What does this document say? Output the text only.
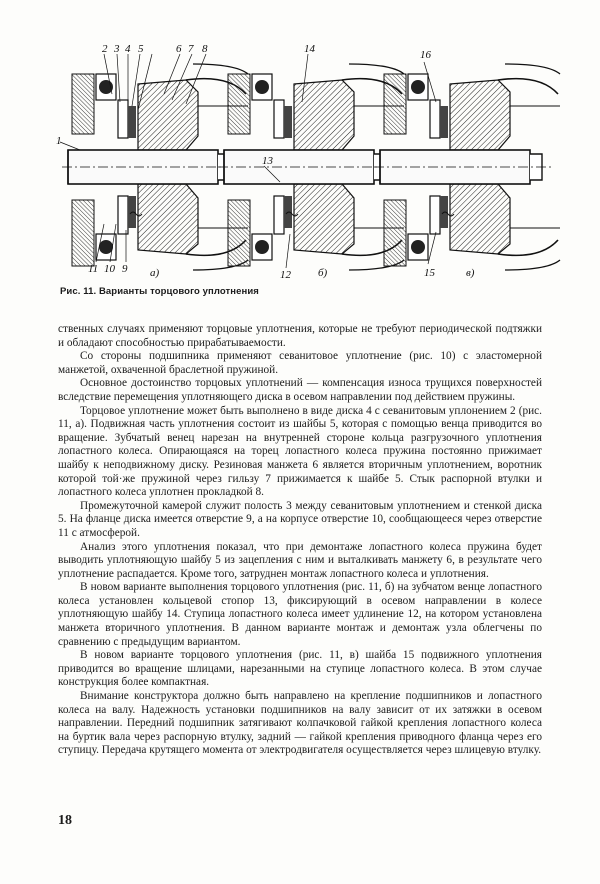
2 3 4 5	6 7 8
1
11 10 9 а)
14
13
12 б)
16
15	в)
Рис. 11. Варианты торцового уплотнения

ственных случаях применяют торцовые уплотнения, которые не требуют периодической подтяжки и обладают способностью прирабатываемости.

Со стороны подшипника применяют севанитовое уплотнение (рис. 10) с эластомерной манжетой, охваченной браслетной пружиной.

Основное достоинство торцовых уплотнений — компенсация износа трущихся поверхностей вследствие перемещения уплотняющего диска в осевом направлении под действием пружины.

Торцовое уплотнение может быть выполнено в виде диска 4 с севанитовым уплонением 2 (рис. 11, а). Подвижная часть уплотнения состоит из шайбы 5, которая с помощью венца приводится во вращение. Зубчатый венец нарезан на внутренней стороне кольца разгрузочного уплотнения лопастного колеса. Опирающаяся на торец лопастного колеса пружина постоянно прижимает шайбу к неподвижному диску. Резиновая манжета 6 является вторичным уплотнением, воротник которой той·же пружиной через гильзу 7 прижимается к шайбе 5. Стык распорной втулки и лопастного колеса уплотнен прокладкой 8.

Промежуточной камерой служит полость 3 между севанитовым уплотнением и стенкой диска 5. На фланце диска имеется отверстие 9, а на корпусе отверстие 10, сообщающееся через отверстие 11 с атмосферой.

Анализ этого уплотнения показал, что при демонтаже лопастного колеса пружина будет выводить уплотняющую шайбу 5 из зацепления с ним и выталкивать манжету 6, в результате чего уплотнение распадается. Кроме того, затруднен монтаж лопастного колеса и уплотнения.

В новом варианте выполнения торцового уплотнения (рис. 11, б) на зубчатом венце лопастного колеса установлен кольцевой стопор 13, фиксирующий в осевом направлении в колесе уплотняющую шайбу 14. Ступица лопастного колеса имеет удлинение 12, на котором установлена манжета вторичного уплотнения. В данном варианте монтаж и демонтаж узла облегчены по сравнению с предыдущим вариантом.

В новом варианте торцового уплотнения (рис. 11, в) шайба 15 подвижного уплотнения приводится во вращение шлицами, нарезанными на ступице лопастного колеса. В этом случае конструкция более компактная.

Внимание конструктора должно быть направлено на крепление подшипников и лопастного колеса на валу. Надежность установки подшипников на валу зависит от их затяжки в осевом направлении. Передний подшипник затягивают колпачковой гайкой крепления лопастного колеса на буртик вала через распорную втулку, задний — гайкой крепления приводного фланца через его ступицу. Передача крутящего момента от электродвигателя осуществляется через шлицевую втулку.

18
